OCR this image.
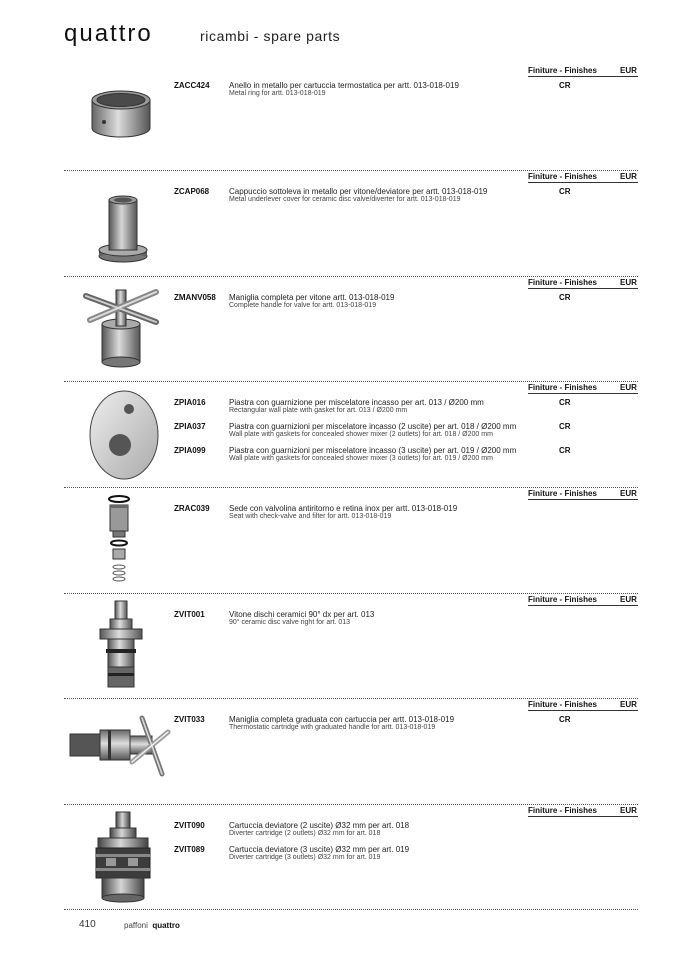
quattro	ricambi - spare parts
Finiture - Finishes	EUR
ZACC424 Anello in metallo per cartuccia termostatica per artt. 013-018-019
Metal ring for artt. 013-018-019
CR
Finiture - Finishes	EUR
ZCAP068 Cappuccio sottoleva in metallo per vitone/deviatore per artt. 013-018-019
Metal underlever cover for ceramic disc valve/diverter for artt. 013-018-019
CR
Finiture - Finishes	EUR
ZMANV058 Maniglia completa per vitone artt. 013-018-019
Complete handle for valve for artt. 013-018-019
CR
Finiture - Finishes	EUR
ZPIA016	Piastra con guarnizione per miscelatore incasso per art. 013 / Ø200 mm
Rectangular wall plate with gasket for art. 013 / Ø200 mm
CR
ZPIA037	Piastra con guarnizioni per miscelatore incasso (2 uscite) per art. 018 / Ø200 mm
Wall plate with gaskets for concealed shower mixer (2 outlets) for art. 018 / Ø200 mm
CR
ZPIA099	Piastra con guarnizioni per miscelatore incasso (3 uscite) per art. 019 / Ø200 mm
Wall plate with gaskets for concealed shower mixer (3 outlets) for art. 019 / Ø200 mm
CR
Finiture - Finishes	EUR
ZRAC039 Sede con valvolina antiritorno e retina inox per artt. 013-018-019
Seat with check-valve and filter for artt. 013-018-019
Finiture - Finishes	EUR
ZVIT001	Vitone dischi ceramici 90° dx per art. 013
90° ceramic disc valve right for art. 013
Finiture - Finishes	EUR
ZVIT033	Maniglia completa graduata con cartuccia per artt. 013-018-019
Thermostatic cartridge with graduated handle for artt. 013-018-019
CR
Finiture - Finishes	EUR
ZVIT090	Cartuccia deviatore (2 uscite) Ø32 mm per art. 018
Diverter cartridge (2 outlets) Ø32 mm for art. 018
ZVIT089	Cartuccia deviatore (3 uscite) Ø32 mm per art. 019
Diverter cartridge (3 outlets) Ø32 mm for art. 019
410	paffoni quattro
